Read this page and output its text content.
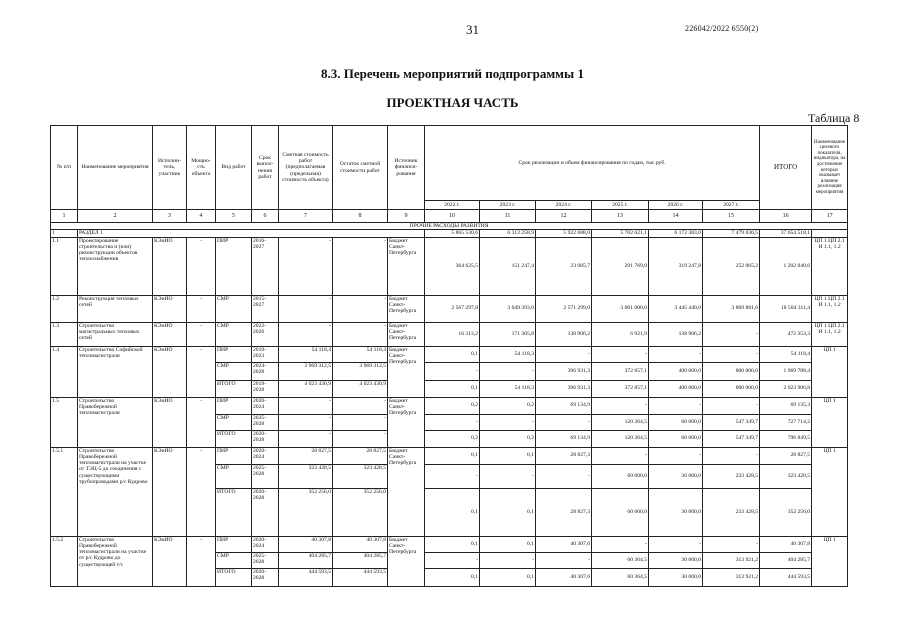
31	226042/2022 6550(2)
8.3. Перечень мероприятий подпрограммы 1
ПРОЕКТНАЯ ЧАСТЬ
Таблица 8
№ п/п	Наименование мероприятия	Исполни-тель, участник	Мощно-сть объекта	Вид работ	Срок выпол-нения работ	Сметная стоимость работ (предполагаемая (предельная) стоимость объекта)	Остаток сметной стоимости работ	Источник финанси-рования	Срок реализации и объем финансирования по годам, тыс.руб.						ИТОГО	Наименование целевого показателя, индикатора, на достижение которых оказывает влияние реализация мероприятия
									2022 г.	2023 г.	2024 г.	2025 г.	2026 г.	2027 г.		
1	2	3	4	5	6	7	8	9	10	11	12	13	14	15	16	17
ПРОЧИЕ РАСХОДЫ РАЗВИТИЯ																
1	РАЗДЕЛ 1								5 865 530,6	6 312 258,9	5 922 688,0	5 702 621,1	6 172 383,0	7 479 036,5	37 654 518,1	
1.1	Проектирование строительства и (или) реконструкции объектов теплоснабжения	КЭиИО	-	ПИР	2016-2027	-	-	Бюджет Санкт-Петербурга	364 625,5	151 247,4	23 085,7	291 769,0	319 247,8	252 065,2	1 202 040,6	ЦП 1 ЦП 2.1 И 1.1, 1.2
1.2	Реконструкция тепловых сетей	КЭиИО	-	СМР	2015-2027	-	-	Бюджет Санкт-Петербурга	2 567 297,8	3 049 393,0	2 571 299,0	3 061 000,0	3 445 440,0	3 809 881,6	18 504 311,4	ЦП 1 ЦП 2.1 И 1.1, 1.2
1.3	Строительство магистральных тепловых сетей	КЭиИО	-	СМР	2022-2026	-	-	Бюджет Санкт-Петербурга	16 313,2	171 305,8	138 906,2	6 921,9	138 906,2	-	472 353,3	ЦП 1 ЦП 2.1 И 1.1, 1.2
1.4	Строительство Софийской тепломагистрали	КЭиИО	-	ПИР	2019-2023	54 118,4	54 118,4	Бюджет Санкт-Петербурга	0,1	54 118,3	-	-	-	-	54 118,4	ЦП 1
				СМР	2024-2028	3 969 312,5	3 969 312,5		-	-	396 931,3	372 857,1	400 000,0	800 000,0	1 969 788,4	
				ИТОГО	2019-2028	4 023 430,9	4 023 430,9		0,1	54 118,3	396 931,3	372 857,1	400 000,0	800 000,0	2 023 906,8	
1.5	Строительство Правобережной тепломагистрали	КЭиИО	-	ПИР	2020-2024	-	-	Бюджет Санкт-Петербурга	0,2	0,2	69 134,9	-	-	-	69 135,3	ЦП 1
				СМР	2025-2028	-	-		-	-	-	120 364,5	60 000,0	547 349,7	727 714,2	
				ИТОГО	2020-2028	-	-		0,2	0,2	69 134,9	120 364,5	60 000,0	547 349,7	796 849,5	
1.5.1	Строительство Правобережной тепломагистрали на участке от ТЭЦ-5 до соединения с существующими трубопроводами р/с Кудрово	КЭиИО	-	ПИР	2020-2024	28 827,5	28 827,5	Бюджет Санкт-Петербурга	0,1	0,1	28 827,3	-	-	-	28 827,5	ЦП 1
				СМР	2025-2028	323 428,5	323 428,5		-	-	-	60 000,0	30 000,0	233 428,5	323 428,5	
				ИТОГО	2020-2028	352 256,0	352 256,0		0,1	0,1	28 827,3	60 000,0	30 000,0	233 428,5	352 256,0	
1.5.2	Строительство Правобережной тепломагистрали на участке от р/с Кудрово до существующей т/с	КЭиИО	-	ПИР	2020-2024	40 307,8	40 307,8	Бюджет Санкт-Петербурга	0,1	0,1	40 307,6	-	-	-	40 307,8	ЦП 1
				СМР	2025-2028	404 285,7	404 285,7		-	-	-	60 364,5	30 000,0	313 921,2	404 285,7	
				ИТОГО	2020-2028	444 593,5	444 593,5		0,1	0,1	40 307,6	60 364,5	30 000,0	313 921,2	444 593,5	
